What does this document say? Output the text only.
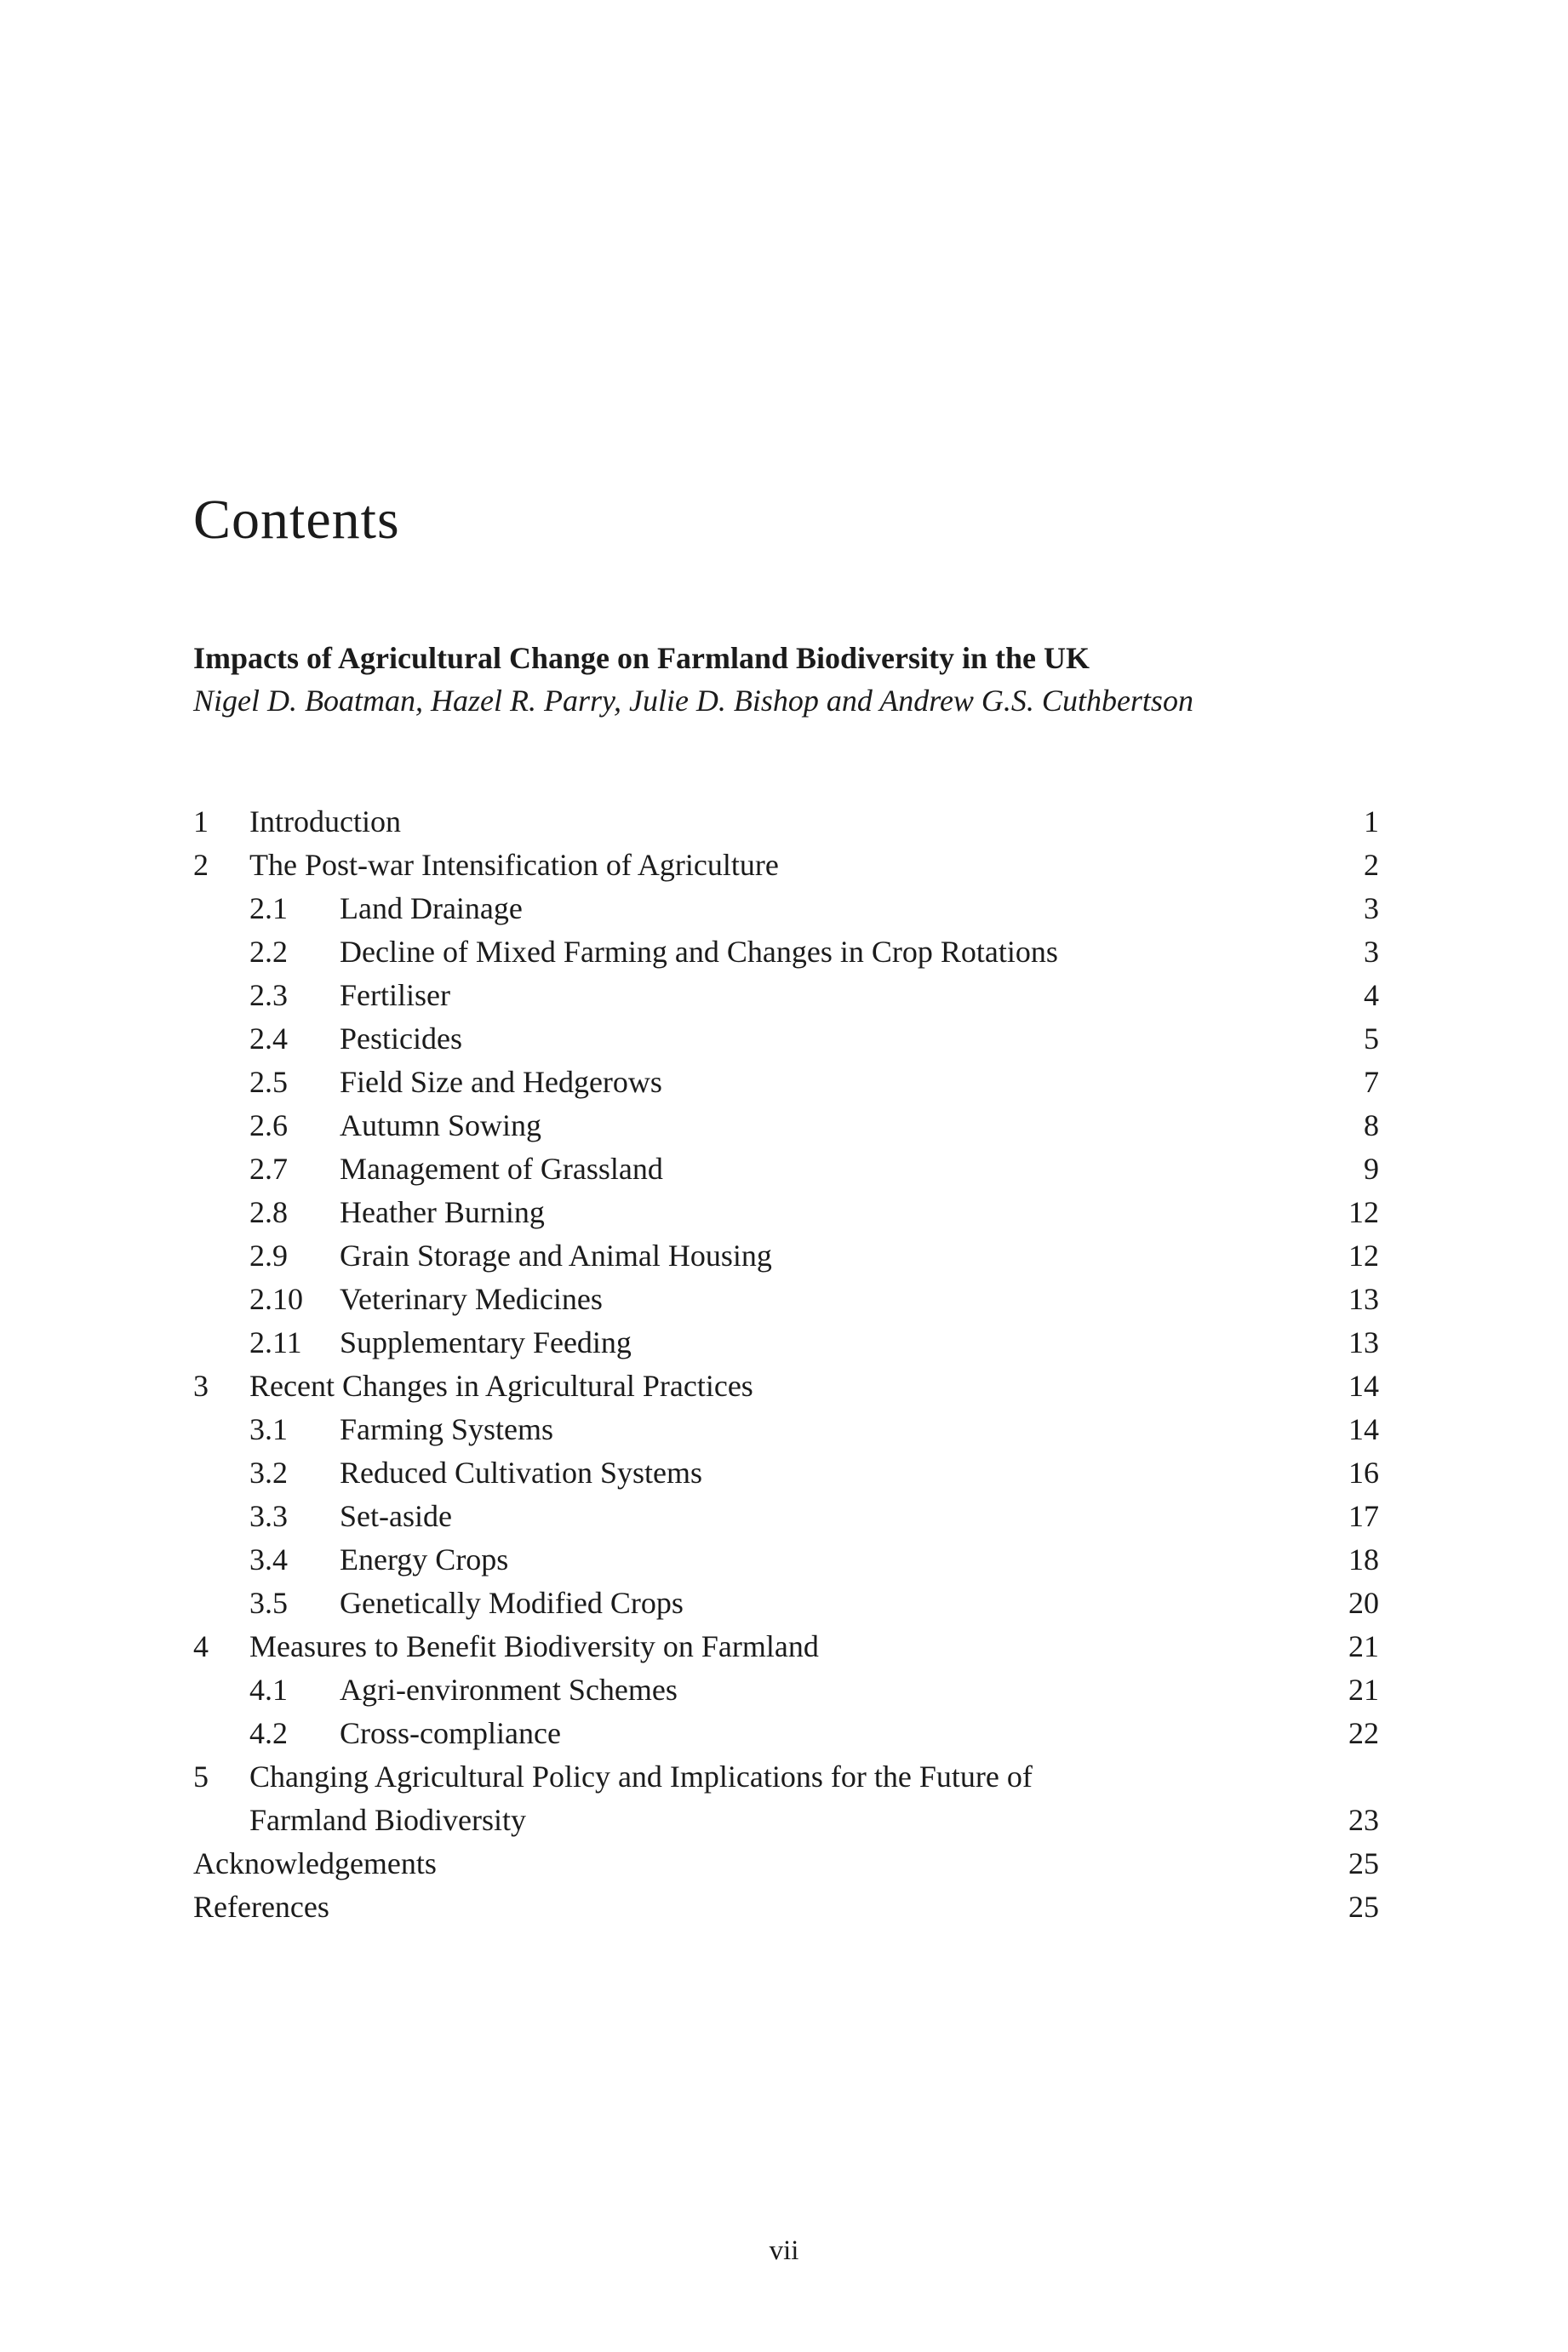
Contents
Impacts of Agricultural Change on Farmland Biodiversity in the UK
Nigel D. Boatman, Hazel R. Parry, Julie D. Bishop and Andrew G.S. Cuthbertson
1	Introduction	1
2	The Post-war Intensification of Agriculture	2
2.1	Land Drainage	3
2.2	Decline of Mixed Farming and Changes in Crop Rotations	3
2.3	Fertiliser	4
2.4	Pesticides	5
2.5	Field Size and Hedgerows	7
2.6	Autumn Sowing	8
2.7	Management of Grassland	9
2.8	Heather Burning	12
2.9	Grain Storage and Animal Housing	12
2.10	Veterinary Medicines	13
2.11	Supplementary Feeding	13
3	Recent Changes in Agricultural Practices	14
3.1	Farming Systems	14
3.2	Reduced Cultivation Systems	16
3.3	Set-aside	17
3.4	Energy Crops	18
3.5	Genetically Modified Crops	20
4	Measures to Benefit Biodiversity on Farmland	21
4.1	Agri-environment Schemes	21
4.2	Cross-compliance	22
5	Changing Agricultural Policy and Implications for the Future of
Farmland Biodiversity	23
Acknowledgements	25
References	25
vii
